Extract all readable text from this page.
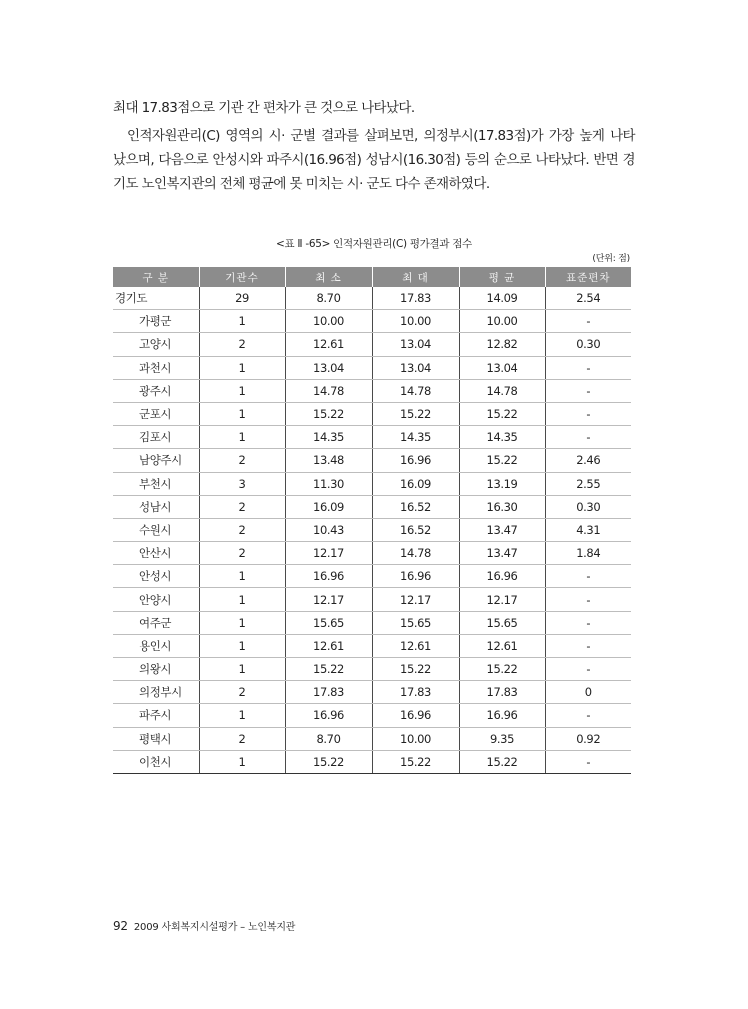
최대 17.83점으로 기관 간 편차가 큰 것으로 나타났다.

인적자원관리(C) 영역의 시· 군별 결과를 살펴보면, 의정부시(17.83점)가 가장 높게 나타

났으며, 다음으로 안성시와 파주시(16.96점) 성남시(16.30점) 등의 순으로 나타났다. 반면 경

기도 노인복지관의 전체 평균에 못 미치는 시· 군도 다수 존재하였다.

<표 Ⅱ -65> 인적자원관리(C) 평가결과 점수
(단위: 점)
구 분	기관수	최 소	최 대	평 균	표준편차
경기도	29	8.70	17.83	14.09	2.54
가평군	1	10.00	10.00	10.00	-
고양시	2	12.61	13.04	12.82	0.30
과천시	1	13.04	13.04	13.04	-
광주시	1	14.78	14.78	14.78	-
군포시	1	15.22	15.22	15.22	-
김포시	1	14.35	14.35	14.35	-
남양주시	2	13.48	16.96	15.22	2.46
부천시	3	11.30	16.09	13.19	2.55
성남시	2	16.09	16.52	16.30	0.30
수원시	2	10.43	16.52	13.47	4.31
안산시	2	12.17	14.78	13.47	1.84
안성시	1	16.96	16.96	16.96	-
안양시	1	12.17	12.17	12.17	-
여주군	1	15.65	15.65	15.65	-
용인시	1	12.61	12.61	12.61	-
의왕시	1	15.22	15.22	15.22	-
의정부시	2	17.83	17.83	17.83	0
파주시	1	16.96	16.96	16.96	-
평택시	2	8.70	10.00	9.35	0.92
이천시	1	15.22	15.22	15.22	-
92 2009 사회복지시설평가 – 노인복지관
